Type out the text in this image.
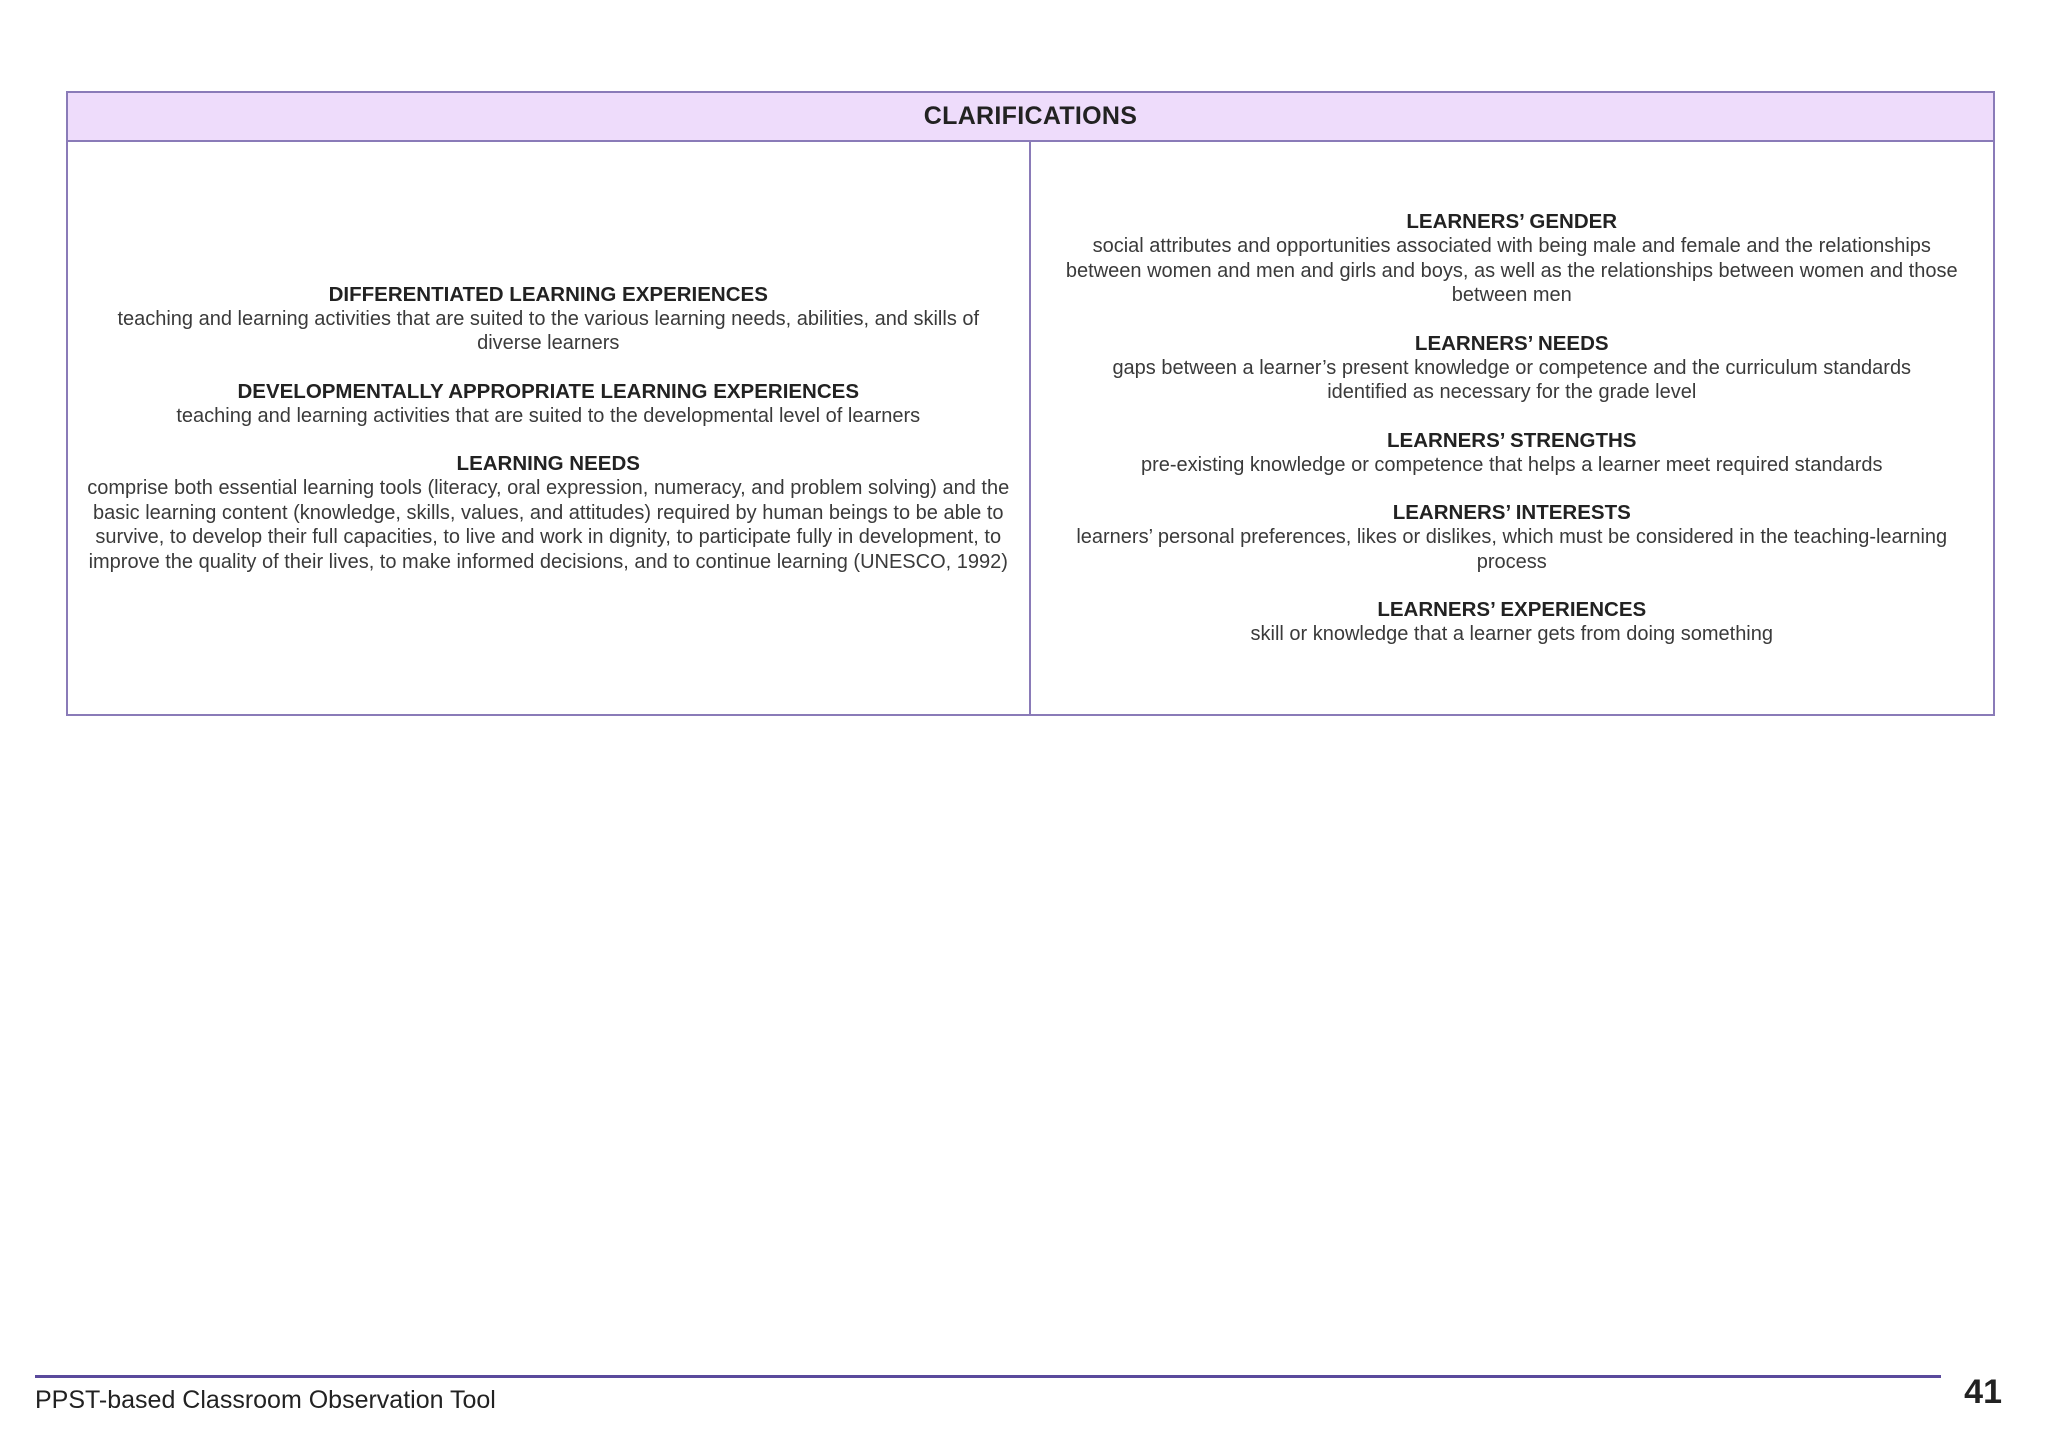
CLARIFICATIONS
DIFFERENTIATED LEARNING EXPERIENCES
teaching and learning activities that are suited to the various learning needs, abilities, and skills of diverse learners
DEVELOPMENTALLY APPROPRIATE LEARNING EXPERIENCES
teaching and learning activities that are suited to the developmental level of learners
LEARNING NEEDS
comprise both essential learning tools (literacy, oral expression, numeracy, and problem solving) and the basic learning content (knowledge, skills, values, and attitudes) required by human beings to be able to survive, to develop their full capacities, to live and work in dignity, to participate fully in development, to improve the quality of their lives, to make informed decisions, and to continue learning (UNESCO, 1992)
LEARNERS’ GENDER
social attributes and opportunities associated with being male and female and the relationships between women and men and girls and boys, as well as the relationships between women and those between men
LEARNERS’ NEEDS
gaps between a learner’s present knowledge or competence and the curriculum standards identified as necessary for the grade level
LEARNERS’ STRENGTHS
pre-existing knowledge or competence that helps a learner meet required standards
LEARNERS’ INTERESTS
learners’ personal preferences, likes or dislikes, which must be considered in the teaching-learning process
LEARNERS’ EXPERIENCES
skill or knowledge that a learner gets from doing something
PPST-based Classroom Observation Tool	41
